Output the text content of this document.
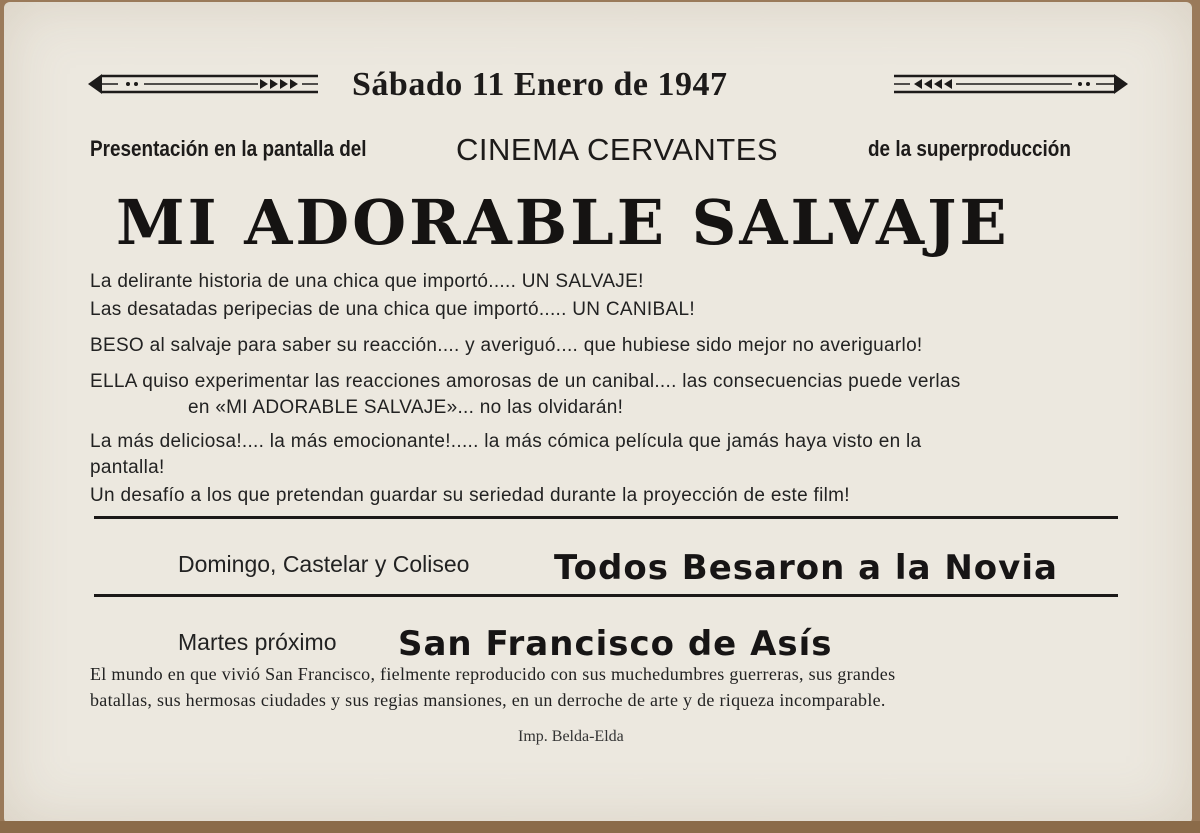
Sábado 11 Enero de 1947
Presentación en la pantalla del	CINEMA CERVANTES	de la superproducción
MI ADORABLE SALVAJE
La delirante historia de una chica que importó..... UN SALVAJE!
Las desatadas peripecias de una chica que importó..... UN CANIBAL!
BESO al salvaje para saber su reacción.... y averiguó.... que hubiese sido mejor no averiguarlo!
ELLA quiso experimentar las reacciones amorosas de un canibal.... las consecuencias puede verlas
en «MI ADORABLE SALVAJE»... no las olvidarán!
La más deliciosa!.... la más emocionante!..... la más cómica película que jamás haya visto en la
pantalla!
Un desafío a los que pretendan guardar su seriedad durante la proyección de este film!
Domingo, Castelar y Coliseo Todos Besaron a la Novia
Martes próximo San Francisco de Asís
El mundo en que vivió San Francisco, fielmente reproducido con sus muchedumbres guerreras, sus grandes
batallas, sus hermosas ciudades y sus regias mansiones, en un derroche de arte y de riqueza incomparable.
Imp. Belda-Elda
